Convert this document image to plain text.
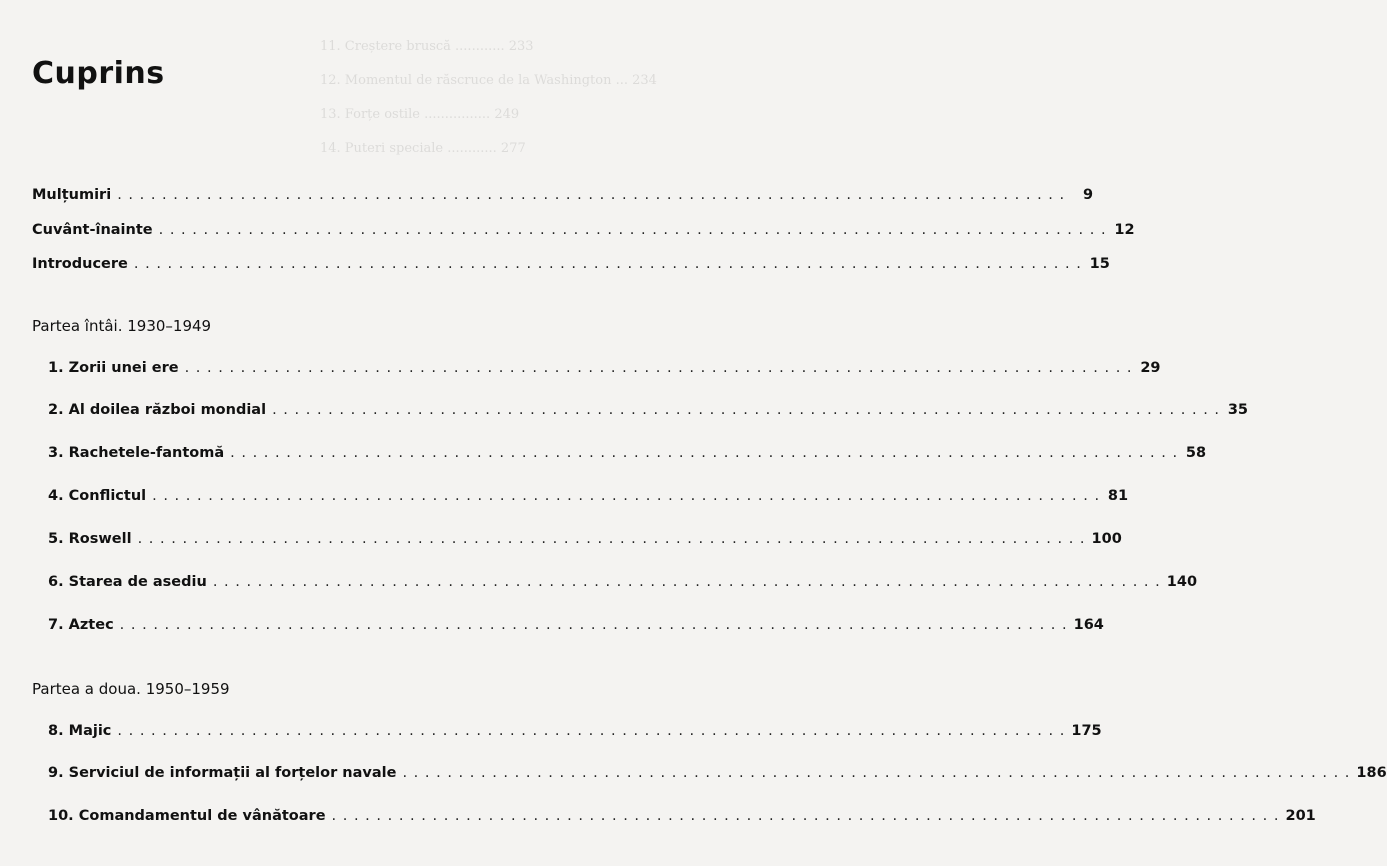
11. Creștere bruscă ............ 233
12. Momentul de răscruce de la Washington ... 234
13. Forțe ostile ................ 249
14. Puteri speciale ............ 277
Cuprins
Mulțumiri . . .	9
Cuvânt-înainte . . .	12
Introducere . . .	15
Partea întâi. 1930–1949
1. Zorii unei ere . . .	29
2. Al doilea război mondial . . .	35
3. Rachetele-fantomă . . .	58
4. Conflictul . . .	81
5. Roswell . . .	100
6. Starea de asediu . . .	140
7. Aztec . . .	164
Partea a doua. 1950–1959
8. Majic . . .	175
9. Serviciul de informații al forțelor navale . . .	186
10. Comandamentul de vânătoare . . .	201
